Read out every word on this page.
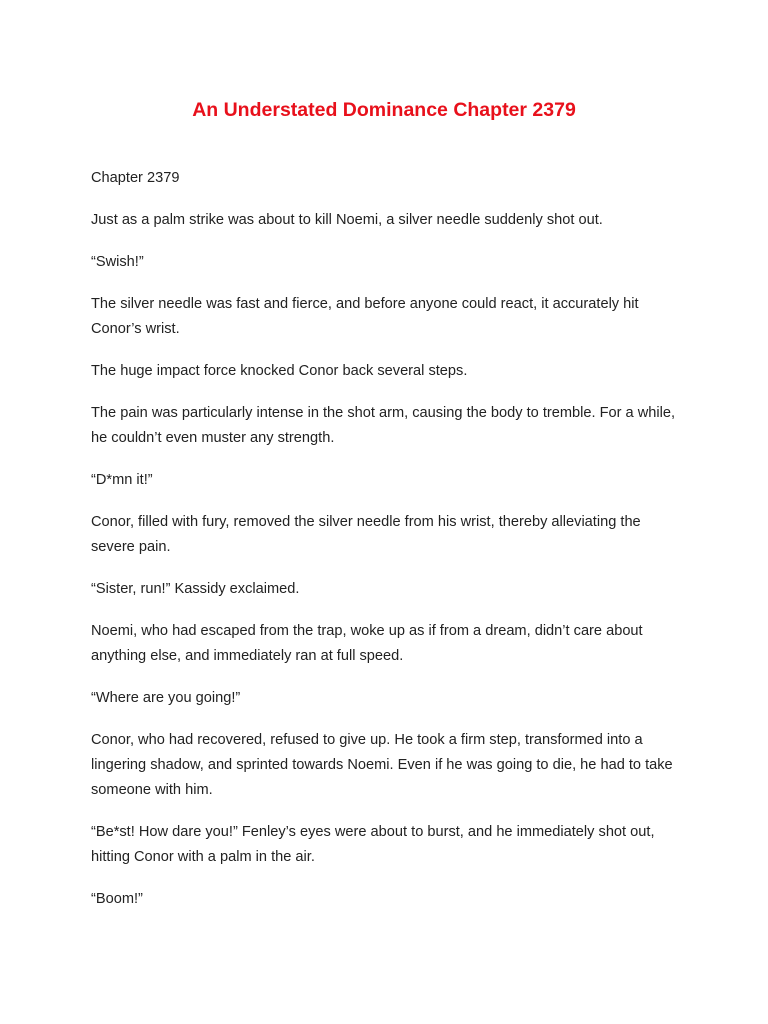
An Understated Dominance Chapter 2379

Chapter 2379

Just as a palm strike was about to kill Noemi, a silver needle suddenly shot out.

“Swish!”

The silver needle was fast and fierce, and before anyone could react, it accurately hit Conor’s wrist.

The huge impact force knocked Conor back several steps.

The pain was particularly intense in the shot arm, causing the body to tremble. For a while, he couldn’t even muster any strength.

“D*mn it!”

Conor, filled with fury, removed the silver needle from his wrist, thereby alleviating the severe pain.

“Sister, run!” Kassidy exclaimed.

Noemi, who had escaped from the trap, woke up as if from a dream, didn’t care about anything else, and immediately ran at full speed.

“Where are you going!”

Conor, who had recovered, refused to give up. He took a firm step, transformed into a lingering shadow, and sprinted towards Noemi. Even if he was going to die, he had to take someone with him.

“Be*st! How dare you!” Fenley’s eyes were about to burst, and he immediately shot out, hitting Conor with a palm in the air.

“Boom!”
